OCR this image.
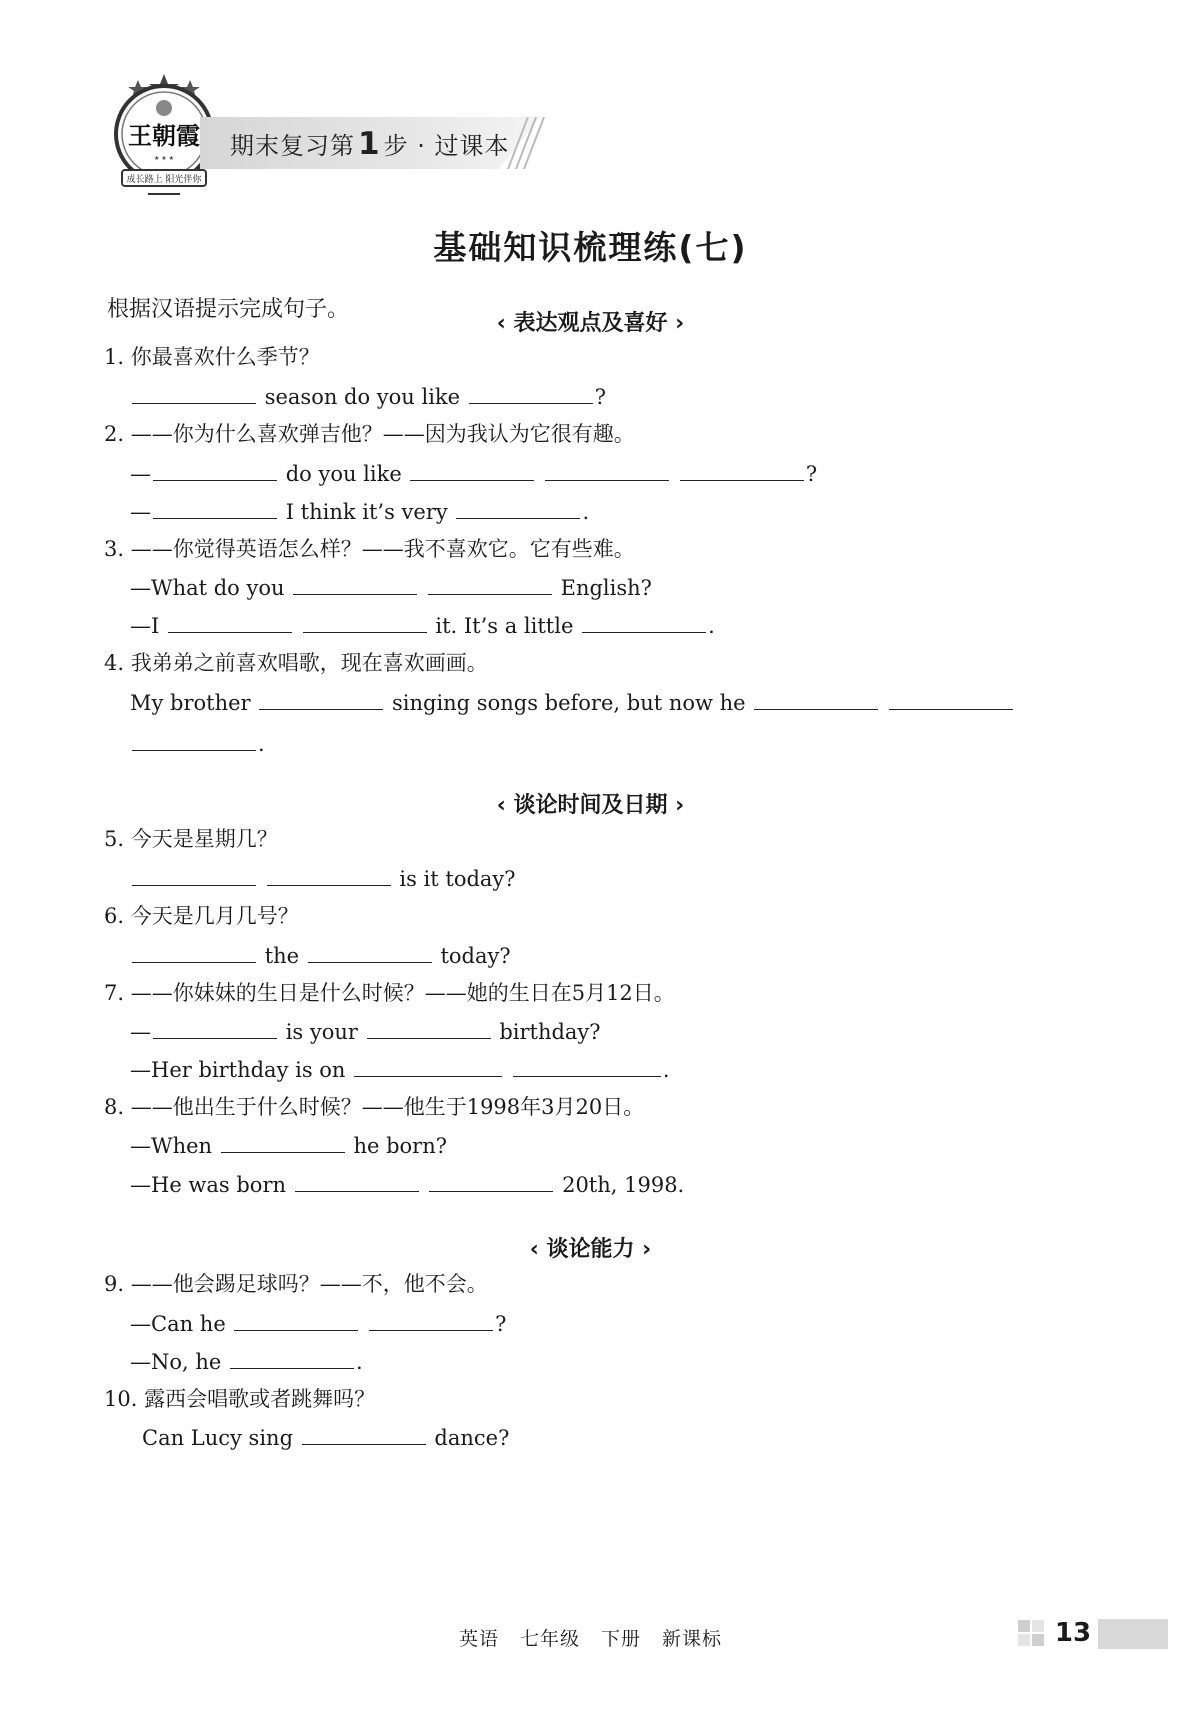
王朝霞
★ ★ ★
成长路上 阳光伴你
期末复习第1 步 · 过课本
基础知识梳理练(七)
根据汉语提示完成句子。
‹ 表达观点及喜好 ›
1. 你最喜欢什么季节？
season do you like	?
2. ——你为什么喜欢弹吉他？——因为我认为它很有趣。
—	do you like	?
—	I think it’s very	.
3. ——你觉得英语怎么样？——我不喜欢它。它有些难。
—What do you	English?
—I	it. It’s a little	.
4. 我弟弟之前喜欢唱歌，现在喜欢画画。
My brother	singing songs before, but now he
.
‹ 谈论时间及日期 ›
5. 今天是星期几？
is it today?
6. 今天是几月几号？
the	today?
7. ——你妹妹的生日是什么时候？——她的生日在5月12日。
—	is your	birthday?
—Her birthday is on	.
8. ——他出生于什么时候？——他生于1998年3月20日。
—When	he born?
—He was born	20th, 1998.
‹ 谈论能力 ›
9. ——他会踢足球吗？——不，他不会。
—Can he	?
—No, he	.
10. 露西会唱歌或者跳舞吗？
Can Lucy sing	dance?
英语 七年级 下册 新课标	13
